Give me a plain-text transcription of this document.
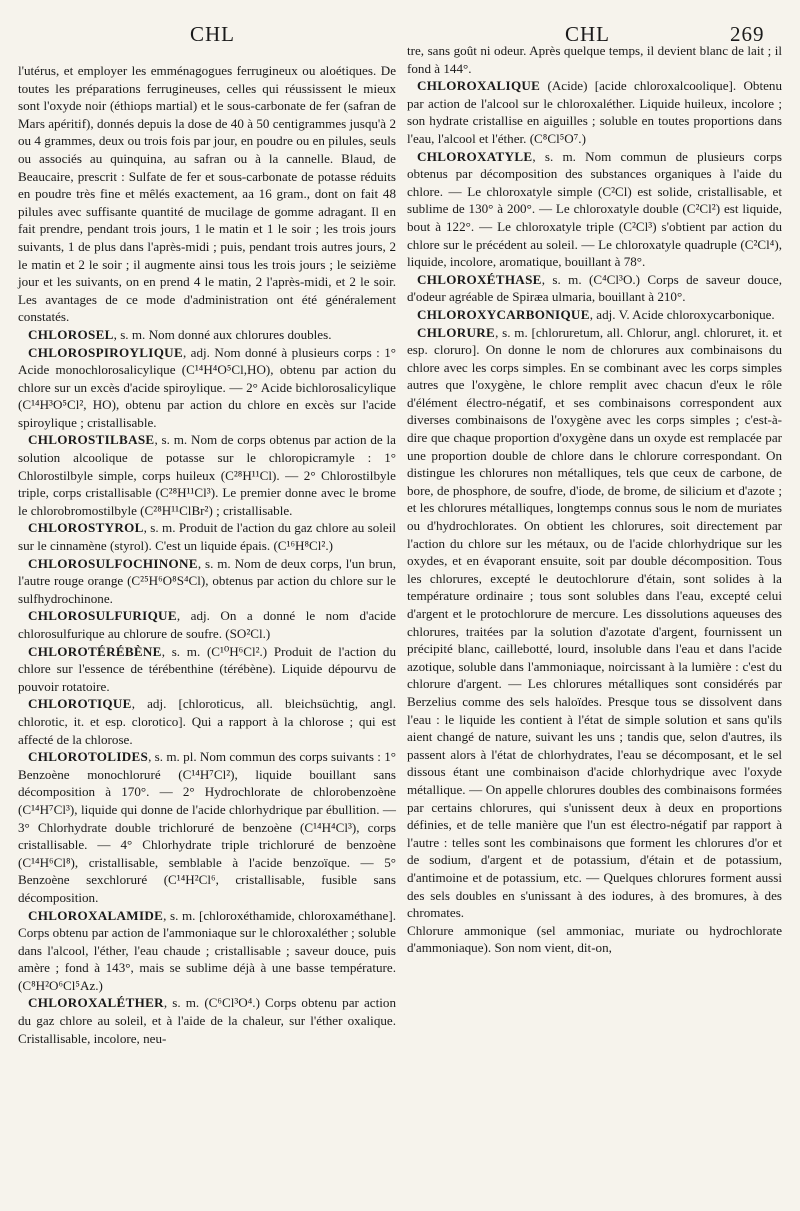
CHL	CHL	269

l'utérus, et employer les emménagogues ferrugineux ou aloétiques. De toutes les préparations ferrugineuses, celles qui réussissent le mieux sont l'oxyde noir (éthiops martial) et le sous-carbonate de fer (safran de Mars apéritif), donnés depuis la dose de 40 à 50 centigrammes jusqu'à 2 ou 4 grammes, deux ou trois fois par jour, en poudre ou en pilules, seuls ou associés au quinquina, au safran ou à la cannelle. Blaud, de Beaucaire, prescrit : Sulfate de fer et sous-carbonate de potasse réduits en poudre très fine et mêlés exactement, aa 16 gram., dont on fait 48 pilules avec suffisante quantité de mucilage de gomme adragant. Il en fait prendre, pendant trois jours, 1 le matin et 1 le soir ; les trois jours suivants, 1 de plus dans l'après-midi ; puis, pendant trois autres jours, 2 le matin et 2 le soir ; il augmente ainsi tous les trois jours ; le seizième jour et les suivants, on en prend 4 le matin, 2 l'après-midi, et 2 le soir. Les avantages de ce mode d'administration ont été généralement constatés.

CHLOROSEL, s. m. Nom donné aux chlorures doubles.

CHLOROSPIROYLIQUE, adj. Nom donné à plusieurs corps : 1° Acide monochlorosalicylique (C¹⁴H⁴O⁵Cl,HO), obtenu par action du chlore sur un excès d'acide spiroylique. — 2° Acide bichlorosalicylique (C¹⁴H³O⁵Cl², HO), obtenu par action du chlore en excès sur l'acide spiroylique ; cristallisable.

CHLOROSTILBASE, s. m. Nom de corps obtenus par action de la solution alcoolique de potasse sur le chloropicramyle : 1° Chlorostilbyle simple, corps huileux (C²⁸H¹¹Cl). — 2° Chlorostilbyle triple, corps cristallisable (C²⁸H¹¹Cl³). Le premier donne avec le brome le chlorobromostilbyle (C²⁸H¹¹ClBr²) ; cristallisable.

CHLOROSTYROL, s. m. Produit de l'action du gaz chlore au soleil sur le cinnamène (styrol). C'est un liquide épais. (C¹⁶H⁸Cl².)

CHLOROSULFOCHINONE, s. m. Nom de deux corps, l'un brun, l'autre rouge orange (C²⁵H⁶O⁸S⁴Cl), obtenus par action du chlore sur le sulfhydrochinone.

CHLOROSULFURIQUE, adj. On a donné le nom d'acide chlorosulfurique au chlorure de soufre. (SO²Cl.)

CHLOROTÉRÉBÈNE, s. m. (C¹⁰H⁶Cl².) Produit de l'action du chlore sur l'essence de térébenthine (térébène). Liquide dépourvu de pouvoir rotatoire.

CHLOROTIQUE, adj. [chloroticus, all. bleichsüchtig, angl. chlorotic, it. et esp. clorotico]. Qui a rapport à la chlorose ; qui est affecté de la chlorose.

CHLOROTOLIDES, s. m. pl. Nom commun des corps suivants : 1° Benzoène monochloruré (C¹⁴H⁷Cl²), liquide bouillant sans décomposition à 170°. — 2° Hydrochlorate de chlorobenzoène (C¹⁴H⁷Cl³), liquide qui donne de l'acide chlorhydrique par ébullition. — 3° Chlorhydrate double trichloruré de benzoène (C¹⁴H⁴Cl³), corps cristallisable. — 4° Chlorhydrate triple trichloruré de benzoène (C¹⁴H⁶Cl⁸), cristallisable, semblable à l'acide benzoïque. — 5° Benzoène sexchloruré (C¹⁴H²Cl⁶, cristallisable, fusible sans décomposition.

CHLOROXALAMIDE, s. m. [chloroxéthamide, chloroxaméthane]. Corps obtenu par action de l'ammoniaque sur le chloroxaléther ; soluble dans l'alcool, l'éther, l'eau chaude ; cristallisable ; saveur douce, puis amère ; fond à 143°, mais se sublime déjà à une basse température. (C⁸H²O⁶Cl⁵Az.)

CHLOROXALÉTHER, s. m. (C⁶Cl³O⁴.) Corps obtenu par action du gaz chlore au soleil, et à l'aide de la chaleur, sur l'éther oxalique. Cristallisable, incolore, neu-

tre, sans goût ni odeur. Après quelque temps, il devient blanc de lait ; il fond à 144°.

CHLOROXALIQUE (Acide) [acide chloroxalcoolique]. Obtenu par action de l'alcool sur le chloroxaléther. Liquide huileux, incolore ; son hydrate cristallise en aiguilles ; soluble en toutes proportions dans l'eau, l'alcool et l'éther. (C⁸Cl⁵O⁷.)

CHLOROXATYLE, s. m. Nom commun de plusieurs corps obtenus par décomposition des substances organiques à l'aide du chlore. — Le chloroxatyle simple (C²Cl) est solide, cristallisable, et sublime de 130° à 200°. — Le chloroxatyle double (C²Cl²) est liquide, bout à 122°. — Le chloroxatyle triple (C²Cl³) s'obtient par action du chlore sur le précédent au soleil. — Le chloroxatyle quadruple (C²Cl⁴), liquide, incolore, aromatique, bouillant à 78°.

CHLOROXÉTHASE, s. m. (C⁴Cl³O.) Corps de saveur douce, d'odeur agréable de Spiræa ulmaria, bouillant à 210°.

CHLOROXYCARBONIQUE, adj. V. Acide chloroxycarbonique.

CHLORURE, s. m. [chloruretum, all. Chlorur, angl. chloruret, it. et esp. cloruro]. On donne le nom de chlorures aux combinaisons du chlore avec les corps simples. En se combinant avec les corps simples autres que l'oxygène, le chlore remplit avec chacun d'eux le rôle d'élément électro-négatif, et ses combinaisons correspondent aux diverses combinaisons de l'oxygène avec les corps simples ; c'est-à-dire que chaque proportion d'oxygène dans un oxyde est remplacée par une proportion double de chlore dans le chlorure correspondant. On distingue les chlorures non métalliques, tels que ceux de carbone, de bore, de phosphore, de soufre, d'iode, de brome, de silicium et d'azote ; et les chlorures métalliques, longtemps connus sous le nom de muriates ou d'hydrochlorates. On obtient les chlorures, soit directement par l'action du chlore sur les métaux, ou de l'acide chlorhydrique sur les oxydes, et en évaporant ensuite, soit par double décomposition. Tous les chlorures, excepté le deutochlorure d'étain, sont solides à la température ordinaire ; tous sont solubles dans l'eau, excepté celui d'argent et le protochlorure de mercure. Les dissolutions aqueuses des chlorures, traitées par la solution d'azotate d'argent, fournissent un précipité blanc, caillebotté, lourd, insoluble dans l'eau et dans l'acide azotique, soluble dans l'ammoniaque, noircissant à la lumière : c'est du chlorure d'argent. — Les chlorures métalliques sont considérés par Berzelius comme des sels haloïdes. Presque tous se dissolvent dans l'eau : le liquide les contient à l'état de simple solution et sans qu'ils aient changé de nature, suivant les uns ; tandis que, selon d'autres, ils passent alors à l'état de chlorhydrates, l'eau se décomposant, et le sel dissous étant une combinaison d'acide chlorhydrique avec l'oxyde métallique. — On appelle chlorures doubles des combinaisons formées par certains chlorures, qui s'unissent deux à deux en proportions définies, et de telle manière que l'un est électro-négatif par rapport à l'autre : telles sont les combinaisons que forment les chlorures d'or et de sodium, d'argent et de potassium, d'étain et de potassium, d'antimoine et de potassium, etc. — Quelques chlorures forment aussi des sels doubles en s'unissant à des iodures, à des bromures, à des chromates.

Chlorure ammonique (sel ammoniac, muriate ou hydrochlorate d'ammoniaque). Son nom vient, dit-on,
